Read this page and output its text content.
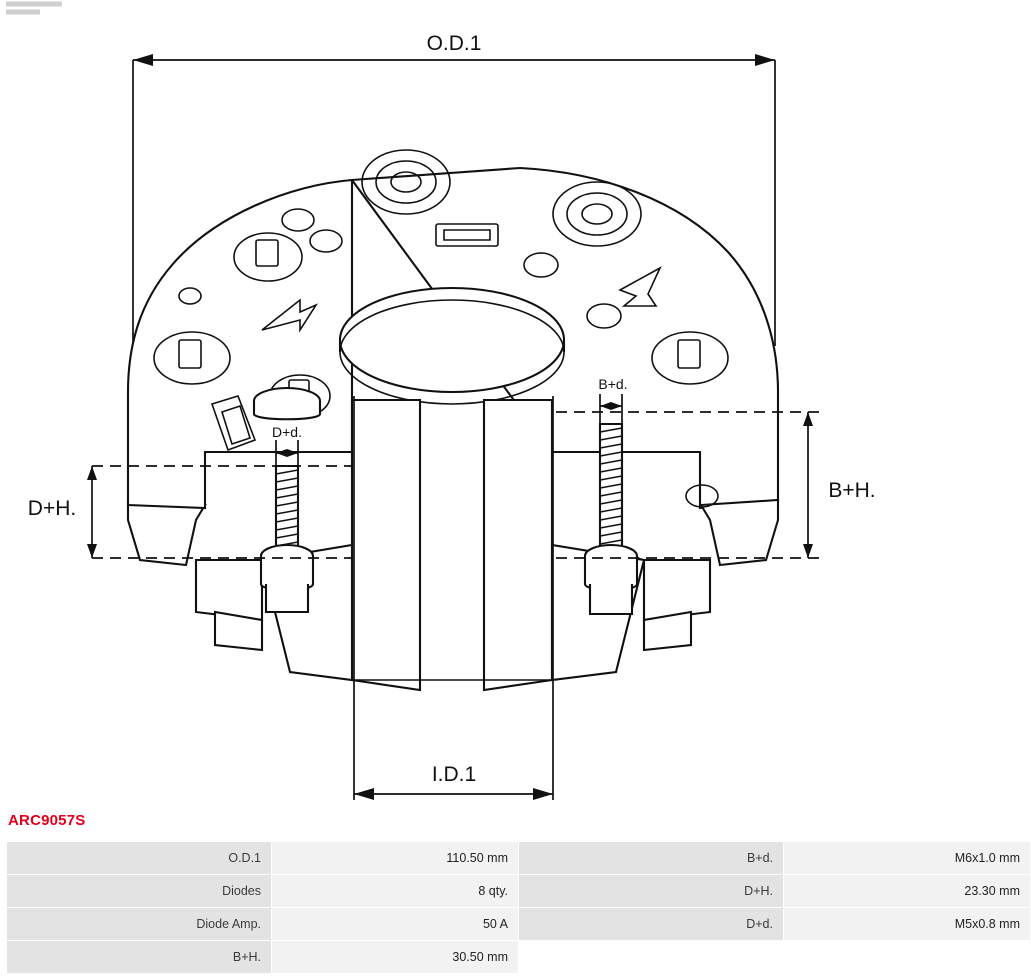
O.D.1
D+d.
B+d.
D+H.
B+H.
I.D.1
ARC9057S
O.D.1	110.50 mm	B+d.	M6x1.0 mm
Diodes	8 qty.	D+H.	23.30 mm
Diode Amp.	50 A	D+d.	M5x0.8 mm
B+H.	30.50 mm		
